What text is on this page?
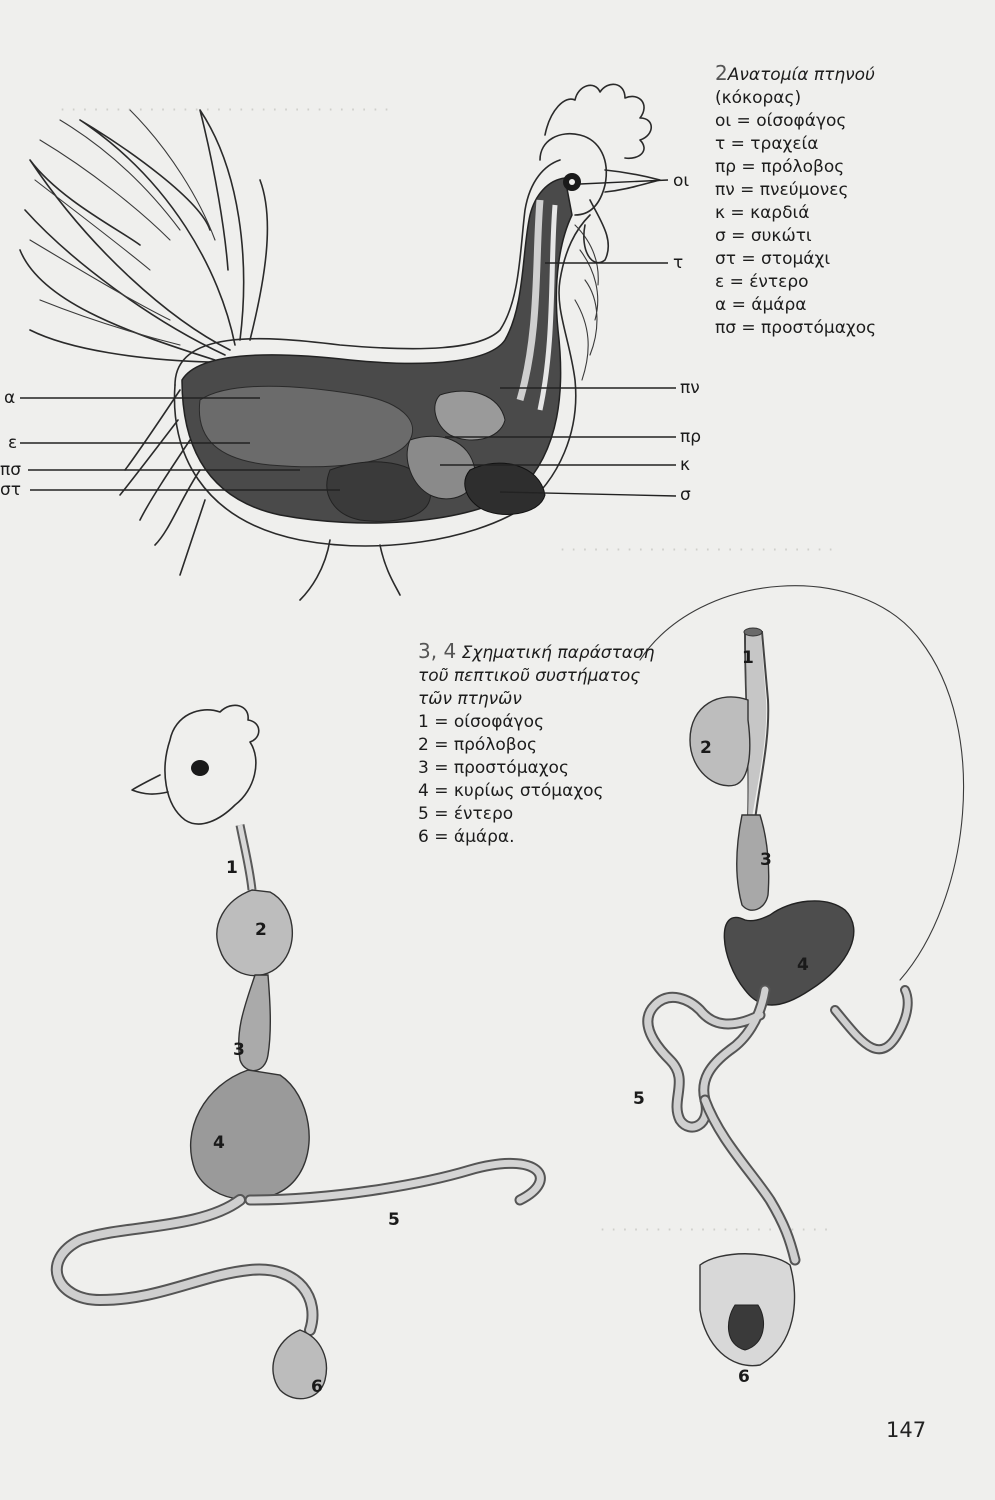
· · · · · · · · · · · · · · · · · · · · · · · · · · · · · ·
· · · · · · · · · · · · · · · · · · · · · · · · ·
· · · · · · · · · · · · · · · · · · · · ·
οι
τ
πν
πρ
κ
σ
α
ε
πσ
στ
1
2
3
4
5
6
1
2
3
4
5
6
2Ανατομία πτηνού
(κόκορας)
οι = οίσοφάγος
τ = τραχεία
πρ = πρόλοβος
πν = πνεύμονες
κ = καρδιά
σ = συκώτι
στ = στομάχι
ε = έντερο
α = άμάρα
πσ = προστόμαχος
3, 4 Σχηματική παράσταση
τοῦ πεπτικοῦ συστήματος
τῶν πτηνῶν
1 = οίσοφάγος
2 = πρόλοβος
3 = προστόμαχος
4 = κυρίως στόμαχος
5 = έντερο
6 = άμάρα.
147
